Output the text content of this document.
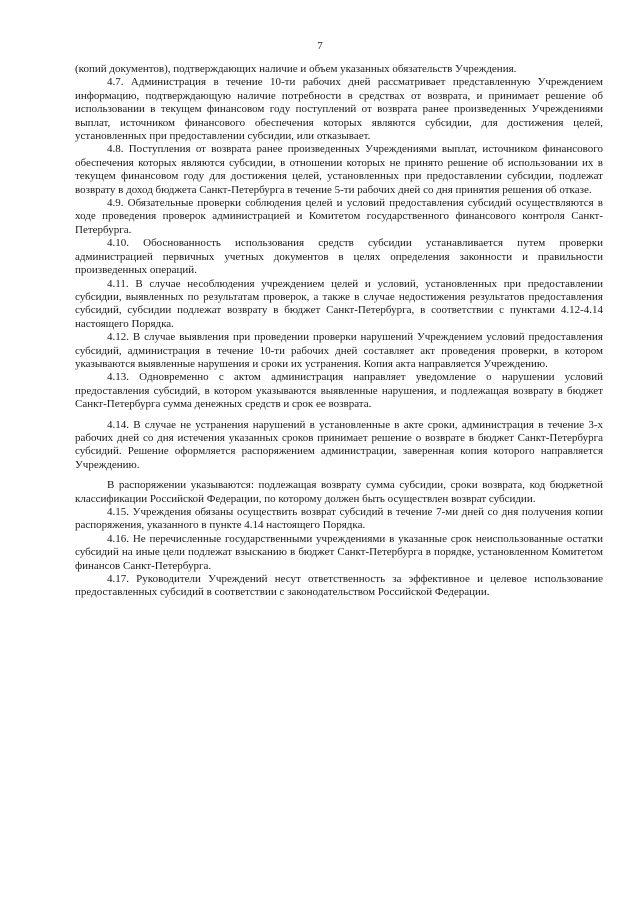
7

(копий документов), подтверждающих наличие и объем указанных обязательств Учреждения.

4.7. Администрация в течение 10-ти рабочих дней рассматривает представленную Учреждением информацию, подтверждающую наличие потребности в средствах от возврата, и принимает решение об использовании в текущем финансовом году поступлений от возврата ранее произведенных Учреждениями выплат, источником финансового обеспечения которых являются субсидии, для достижения целей, установленных при предоставлении субсидии, или отказывает.

4.8. Поступления от возврата ранее произведенных Учреждениями выплат, источником финансового обеспечения которых являются субсидии, в отношении которых не принято решение об использовании их в текущем финансовом году для достижения целей, установленных при предоставлении субсидии, подлежат возврату в доход бюджета Санкт-Петербурга в течение 5-ти рабочих дней со дня принятия решения об отказе.

4.9. Обязательные проверки соблюдения целей и условий предоставления субсидий осуществляются в ходе проведения проверок администрацией и Комитетом государственного финансового контроля Санкт-Петербурга.

4.10. Обоснованность использования средств субсидии устанавливается путем проверки администрацией первичных учетных документов в целях определения законности и правильности произведенных операций.

4.11. В случае несоблюдения учреждением целей и условий, установленных при предоставлении субсидии, выявленных по результатам проверок, а также в случае недостижения результатов предоставления субсидий, субсидии подлежат возврату в бюджет Санкт-Петербурга, в соответствии с пунктами 4.12-4.14 настоящего Порядка.

4.12. В случае выявления при проведении проверки нарушений Учреждением условий предоставления субсидий, администрация в течение 10-ти рабочих дней составляет акт проведения проверки, в котором указываются выявленные нарушения и сроки их устранения. Копия акта направляется Учреждению.

4.13. Одновременно с актом администрация направляет уведомление о нарушении условий предоставления субсидий, в котором указываются выявленные нарушения, и подлежащая возврату в бюджет Санкт-Петербурга сумма денежных средств и срок ее возврата.

4.14. В случае не устранения нарушений в установленные в акте сроки, администрация в течение 3-х рабочих дней со дня истечения указанных сроков принимает решение о возврате в бюджет Санкт-Петербурга субсидий. Решение оформляется распоряжением администрации, заверенная копия которого направляется Учреждению.

В распоряжении указываются: подлежащая возврату сумма субсидии, сроки возврата, код бюджетной классификации Российской Федерации, по которому должен быть осуществлен возврат субсидии.

4.15. Учреждения обязаны осуществить возврат субсидий в течение 7-ми дней со дня получения копии распоряжения, указанного в пункте 4.14 настоящего Порядка.

4.16. Не перечисленные государственными учреждениями в указанные срок неиспользованные остатки субсидий на иные цели подлежат взысканию в бюджет Санкт-Петербурга в порядке, установленном Комитетом финансов Санкт-Петербурга.

4.17. Руководители Учреждений несут ответственность за эффективное и целевое использование предоставленных субсидий в соответствии с законодательством Российской Федерации.
